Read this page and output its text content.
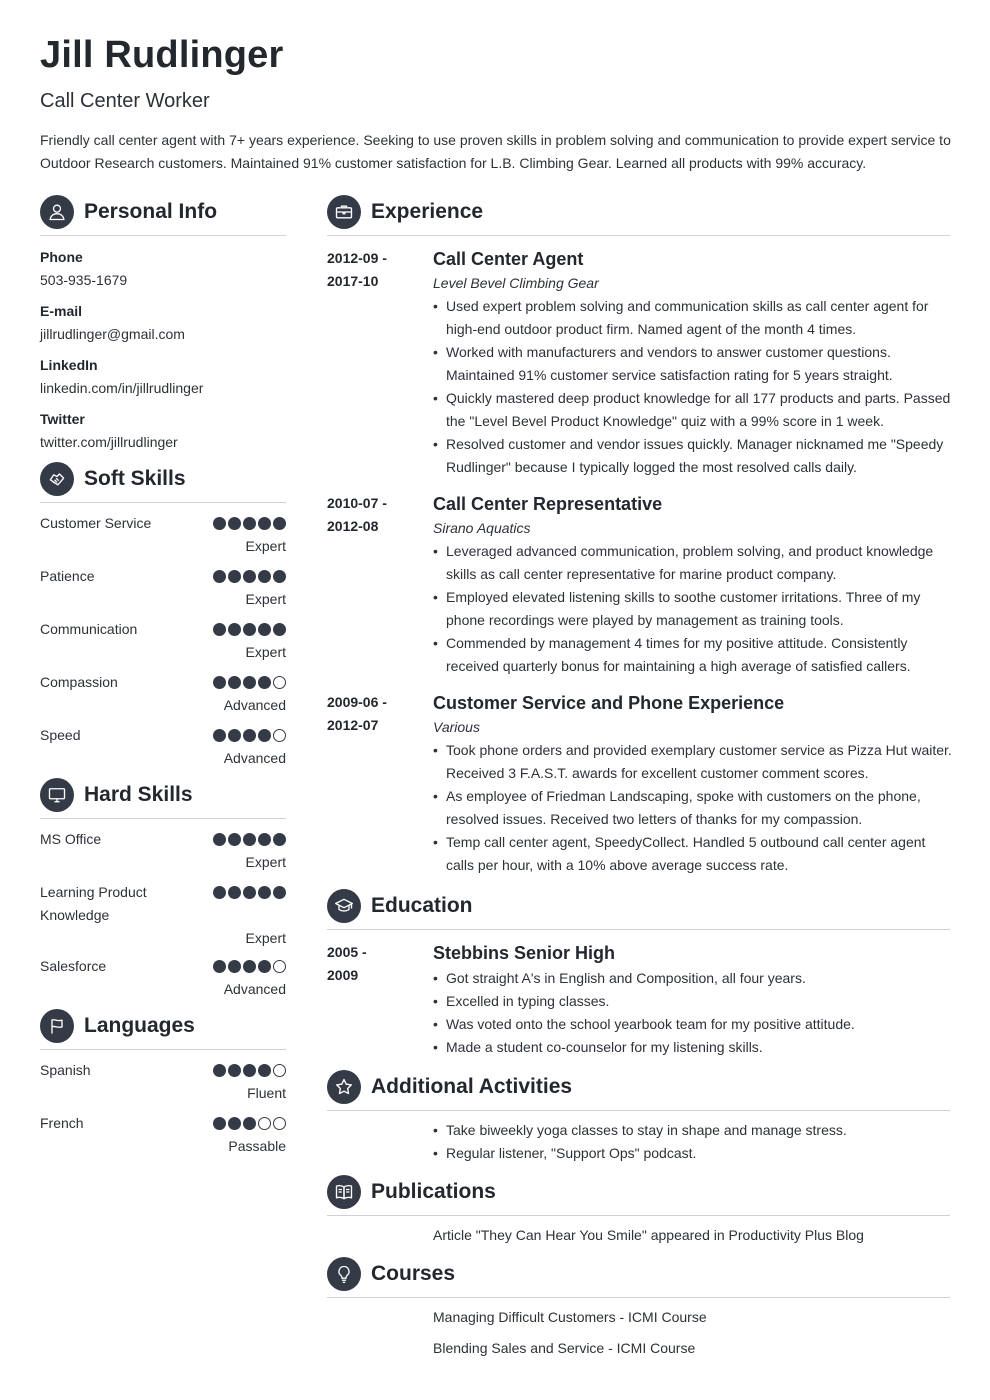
Jill Rudlinger
Call Center Worker
Friendly call center agent with 7+ years experience. Seeking to use proven skills in problem solving and communication to provide expert service to Outdoor Research customers. Maintained 91% customer satisfaction for L.B. Climbing Gear. Learned all products with 99% accuracy.
Personal Info
Phone
503-935-1679
E-mail
jillrudlinger@gmail.com
LinkedIn
linkedin.com/in/jillrudlinger
Twitter
twitter.com/jillrudlinger
Soft Skills
Customer Service
Expert
Patience
Expert
Communication
Expert
Compassion
Advanced
Speed
Advanced
Hard Skills
MS Office
Expert
Learning Product Knowledge
Expert
Salesforce
Advanced
Languages
Spanish
Fluent
French
Passable
Experience
2012-09 -
2017-10
Call Center Agent
Level Bevel Climbing Gear
• Used expert problem solving and communication skills as call center agent for high-end outdoor product firm. Named agent of the month 4 times.
• Worked with manufacturers and vendors to answer customer questions. Maintained 91% customer service satisfaction rating for 5 years straight.
• Quickly mastered deep product knowledge for all 177 products and parts. Passed the "Level Bevel Product Knowledge" quiz with a 99% score in 1 week.
• Resolved customer and vendor issues quickly. Manager nicknamed me "Speedy Rudlinger" because I typically logged the most resolved calls daily.
2010-07 -
2012-08
Call Center Representative
Sirano Aquatics
• Leveraged advanced communication, problem solving, and product knowledge skills as call center representative for marine product company.
• Employed elevated listening skills to soothe customer irritations. Three of my phone recordings were played by management as training tools.
• Commended by management 4 times for my positive attitude. Consistently received quarterly bonus for maintaining a high average of satisfied callers.
2009-06 -
2012-07
Customer Service and Phone Experience
Various
• Took phone orders and provided exemplary customer service as Pizza Hut waiter. Received 3 F.A.S.T. awards for excellent customer comment scores.
• As employee of Friedman Landscaping, spoke with customers on the phone, resolved issues. Received two letters of thanks for my compassion.
• Temp call center agent, SpeedyCollect. Handled 5 outbound call center agent calls per hour, with a 10% above average success rate.
Education
2005 -
2009
Stebbins Senior High
• Got straight A's in English and Composition, all four years.
• Excelled in typing classes.
• Was voted onto the school yearbook team for my positive attitude.
• Made a student co-counselor for my listening skills.
Additional Activities
• Take biweekly yoga classes to stay in shape and manage stress.
• Regular listener, "Support Ops" podcast.
Publications
Article "They Can Hear You Smile" appeared in Productivity Plus Blog
Courses
Managing Difficult Customers - ICMI Course
Blending Sales and Service - ICMI Course
